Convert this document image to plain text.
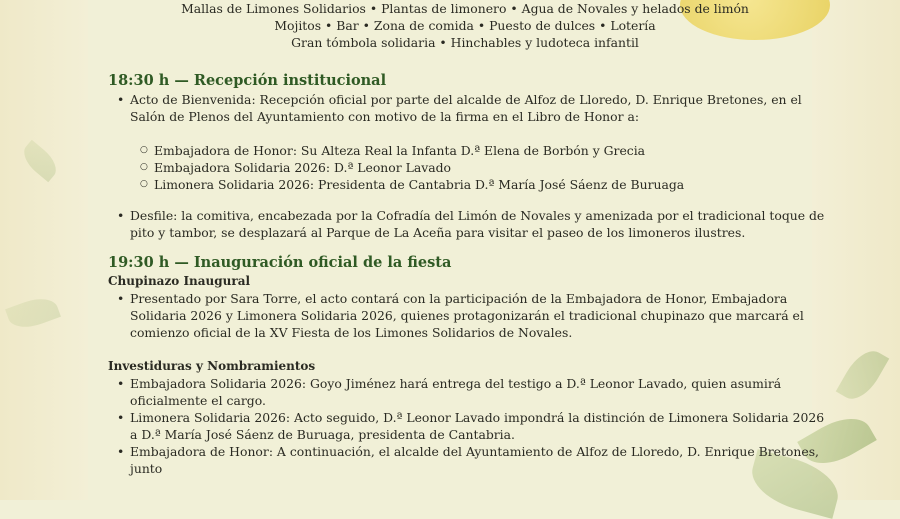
Mallas de Limones Solidarios • Plantas de limonero • Agua de Novales y helados de limón
Mojitos • Bar • Zona de comida • Puesto de dulces • Lotería
Gran tómbola solidaria • Hinchables y ludoteca infantil
18:30 h — Recepción institucional
• Acto de Bienvenida: Recepción oficial por parte del alcalde de Alfoz de Lloredo, D. Enrique Bretones, en el Salón de Plenos del Ayuntamiento con motivo de la firma en el Libro de Honor a:
○ Embajadora de Honor: Su Alteza Real la Infanta D.ª Elena de Borbón y Grecia
○ Embajadora Solidaria 2026: D.ª Leonor Lavado
○ Limonera Solidaria 2026: Presidenta de Cantabria D.ª María José Sáenz de Buruaga
• Desfile: la comitiva, encabezada por la Cofradía del Limón de Novales y amenizada por el tradicional toque de pito y tambor, se desplazará al Parque de La Aceña para visitar el paseo de los limoneros ilustres.
19:30 h — Inauguración oficial de la fiesta

Chupinazo Inaugural

• Presentado por Sara Torre, el acto contará con la participación de la Embajadora de Honor, Embajadora Solidaria 2026 y Limonera Solidaria 2026, quienes protagonizarán el tradicional chupinazo que marcará el comienzo oficial de la XV Fiesta de los Limones Solidarios de Novales.

Investiduras y Nombramientos

• Embajadora Solidaria 2026: Goyo Jiménez hará entrega del testigo a D.ª Leonor Lavado, quien asumirá oficialmente el cargo.
• Limonera Solidaria 2026: Acto seguido, D.ª Leonor Lavado impondrá la distinción de Limonera Solidaria 2026 a D.ª María José Sáenz de Buruaga, presidenta de Cantabria.
• Embajadora de Honor: A continuación, el alcalde del Ayuntamiento de Alfoz de Lloredo, D. Enrique Bretones, junto
